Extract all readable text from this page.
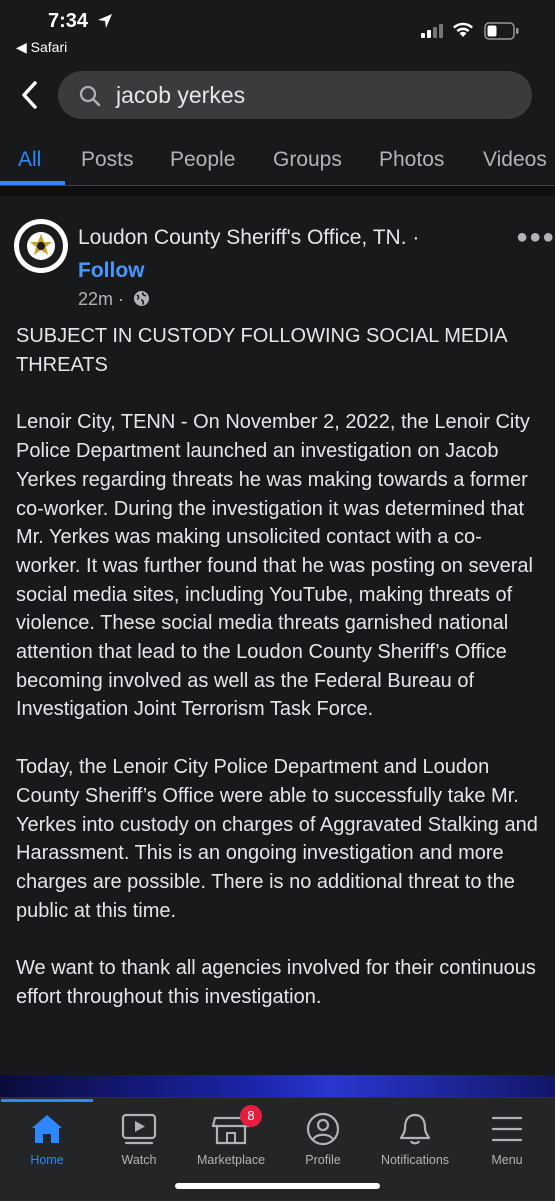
7:34
◀ Safari
jacob yerkes
All Posts People Groups Photos Videos
Loudon County Sheriff's Office, TN. ·
Follow
22m ·
●●●

SUBJECT IN CUSTODY FOLLOWING SOCIAL MEDIA THREATS

Lenoir City, TENN - On November 2, 2022, the Lenoir City Police Department launched an investigation on Jacob Yerkes regarding threats he was making towards a former co-worker. During the investigation it was determined that Mr. Yerkes was making unsolicited contact with a co-worker. It was further found that he was posting on several social media sites, including YouTube, making threats of violence. These social media threats garnished national attention that lead to the Loudon County Sheriff’s Office becoming involved as well as the Federal Bureau of Investigation Joint Terrorism Task Force.

Today, the Lenoir City Police Department and Loudon County Sheriff’s Office were able to successfully take Mr. Yerkes into custody on charges of Aggravated Stalking and Harassment. This is an ongoing investigation and more charges are possible. There is no additional threat to the public at this time.

We want to thank all agencies involved for their continuous effort throughout this investigation.

Home	Watch
8
Marketplace	Profile	Notifications	Menu
